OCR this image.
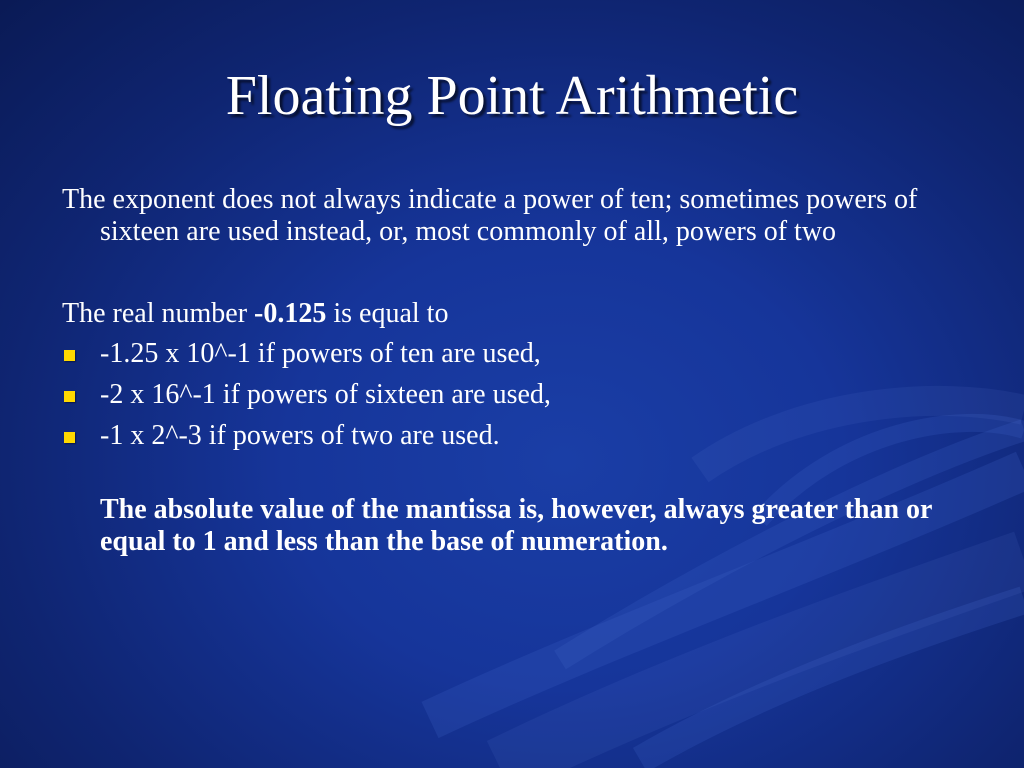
Floating Point Arithmetic

The exponent does not always indicate a power of ten; sometimes powers of sixteen are used instead, or, most commonly of all, powers of two

The real number -0.125 is equal to

-1.25 x 10^-1 if powers of ten are used,
-2 x 16^-1 if powers of sixteen are used,
-1 x 2^-3 if powers of two are used.

The absolute value of the mantissa is, however, always greater than or equal to 1 and less than the base of numeration.
